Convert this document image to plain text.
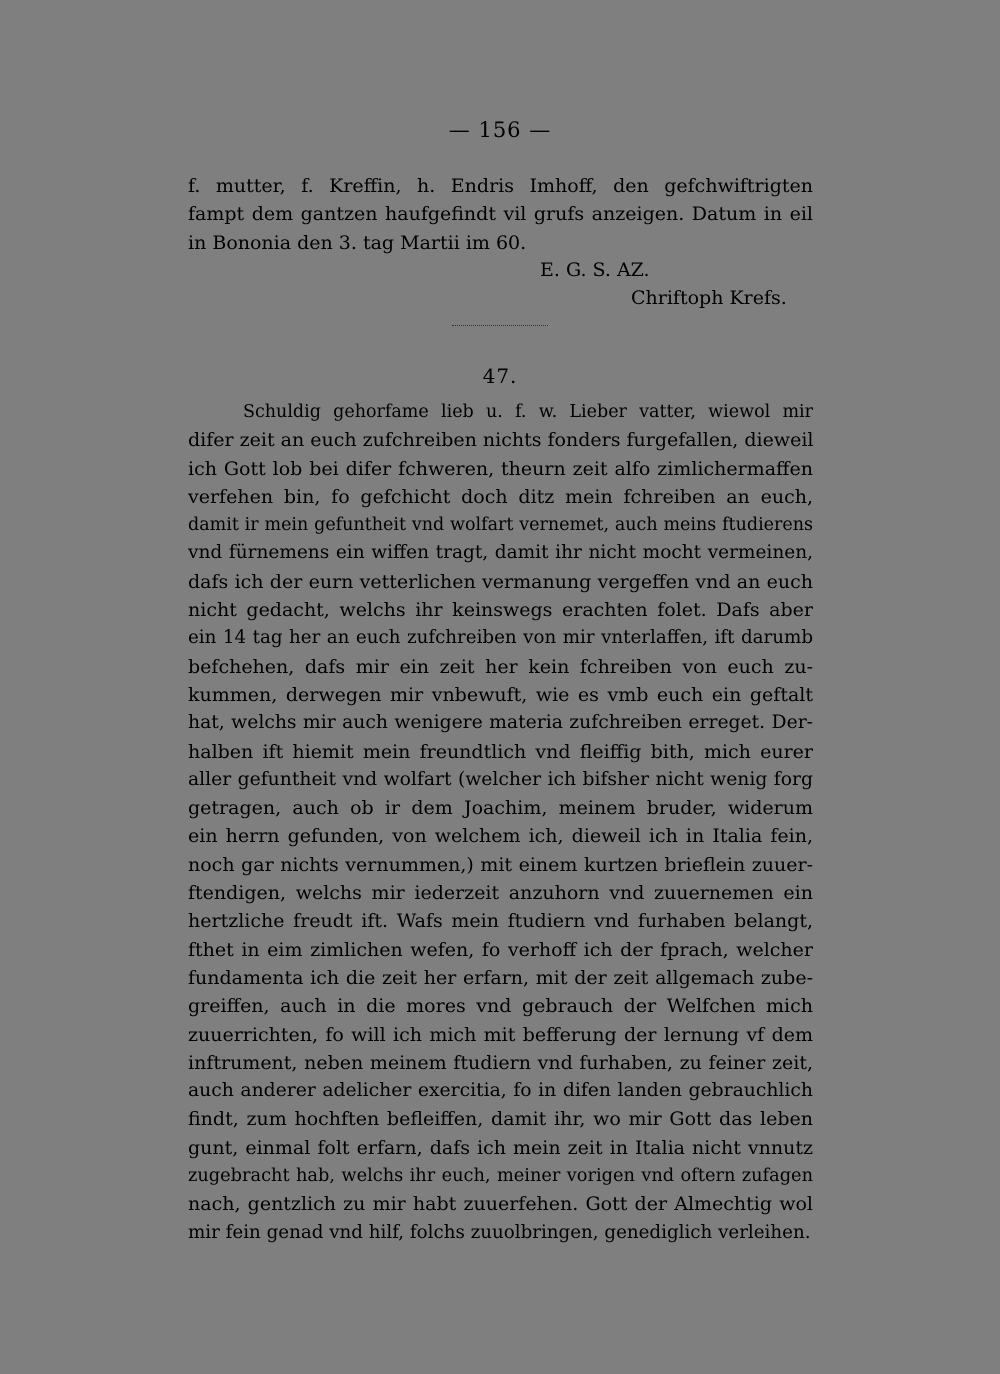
— 156 —
f. mutter, f. Kreffin, h. Endris Imhoff, den gefchwiftrigten
fampt dem gantzen haufgefindt vil grufs anzeigen. Datum in eil
in Bononia den 3. tag Martii im 60.
E. G. S. AZ.
Chriftoph Krefs.
47.
Schuldig gehorfame lieb u. f. w. Lieber vatter, wiewol mir
difer zeit an euch zufchreiben nichts fonders furgefallen, dieweil
ich Gott lob bei difer fchweren, theurn zeit alfo zimlichermaffen
verfehen bin, fo gefchicht doch ditz mein fchreiben an euch,
damit ir mein gefuntheit vnd wolfart vernemet, auch meins ftudierens
vnd fürnemens ein wiffen tragt, damit ihr nicht mocht vermeinen,
dafs ich der eurn vetterlichen vermanung vergeffen vnd an euch
nicht gedacht, welchs ihr keinswegs erachten folet. Dafs aber
ein 14 tag her an euch zufchreiben von mir vnterlaffen, ift darumb
befchehen, dafs mir ein zeit her kein fchreiben von euch zu-
kummen, derwegen mir vnbewuft, wie es vmb euch ein geftalt
hat, welchs mir auch wenigere materia zufchreiben erreget. Der-
halben ift hiemit mein freundtlich vnd fleiffig bith, mich eurer
aller gefuntheit vnd wolfart (welcher ich bifsher nicht wenig forg
getragen, auch ob ir dem Joachim, meinem bruder, widerum
ein herrn gefunden, von welchem ich, dieweil ich in Italia fein,
noch gar nichts vernummen,) mit einem kurtzen brieflein zuuer-
ftendigen, welchs mir iederzeit anzuhorn vnd zuuernemen ein
hertzliche freudt ift. Wafs mein ftudiern vnd furhaben belangt,
fthet in eim zimlichen wefen, fo verhoff ich der fprach, welcher
fundamenta ich die zeit her erfarn, mit der zeit allgemach zube-
greiffen, auch in die mores vnd gebrauch der Welfchen mich
zuuerrichten, fo will ich mich mit befferung der lernung vf dem
inftrument, neben meinem ftudiern vnd furhaben, zu feiner zeit,
auch anderer adelicher exercitia, fo in difen landen gebrauchlich
findt, zum hochften befleiffen, damit ihr, wo mir Gott das leben
gunt, einmal folt erfarn, dafs ich mein zeit in Italia nicht vnnutz
zugebracht hab, welchs ihr euch, meiner vorigen vnd oftern zufagen
nach, gentzlich zu mir habt zuuerfehen. Gott der Almechtig wol
mir fein genad vnd hilf, folchs zuuolbringen, genediglich verleihen.
